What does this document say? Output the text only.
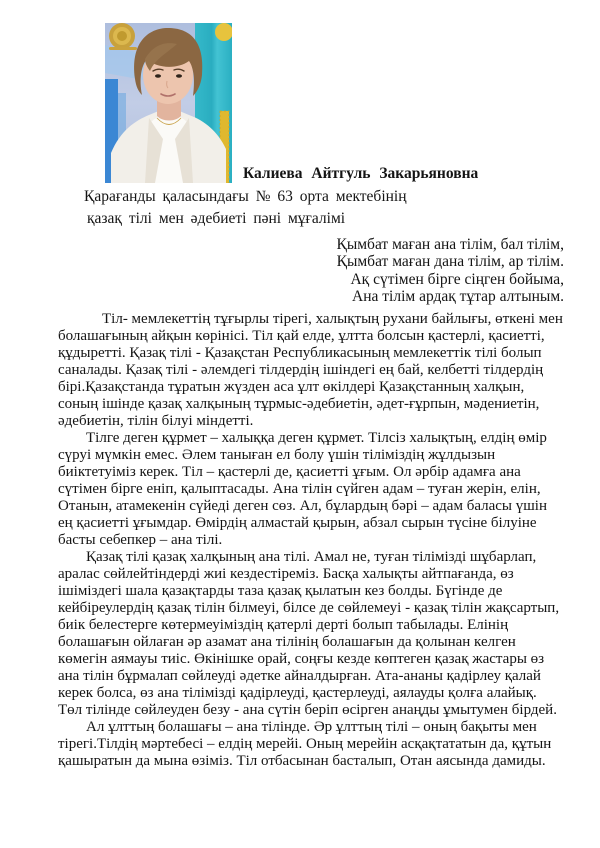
Калиева Айтгуль Закарьяновна
Қарағанды қаласындағы № 63 орта мектебінің
қазақ тілі мен әдебиеті пәні мұғалімі
Қымбат маған ана тілім, бал тілім,
Қымбат маған дана тілім, ар тілім.
Ақ сүтімен бірге сіңген бойыма,
Ана тілім ардақ тұтар алтыным.

Тіл- мемлекеттің тұғырлы тірегі, халықтың рухани байлығы, өткені мен болашағының айқын көрінісі. Тіл қай елде, ұлтта болсын қастерлі, қасиетті, құдыретті. Қазақ тілі - Қазақстан Республикасының мемлекеттік тілі болып саналады. Қазақ тілі - әлемдегі тілдердің ішіндегі ең бай, келбетті тілдердің бірі.Қазақстанда тұратын жүзден аса ұлт өкілдері Қазақстанның халқын, соның ішінде қазақ халқының тұрмыс-әдебиетін, әдет-ғұрпын, мәдениетін, әдебиетін, тілін білуі міндетті.

Тілге деген құрмет – халыққа деген құрмет. Тілсіз халықтың, елдің өмір сүруі мүмкін емес. Әлем таныған ел болу үшін тіліміздің жұлдызын биіктетуіміз керек. Тіл – қастерлі де, қасиетті ұғым. Ол әрбір адамға ана сүтімен бірге еніп, қалыптасады. Ана тілін сүйген адам – туған жерін, елін, Отанын, атамекенін сүйеді деген сөз. Ал, бұлардың бәрі – адам баласы үшін ең қасиетті ұғымдар. Өмірдің алмастай қырын, абзал сырын түсіне білуіне басты себепкер – ана тілі.

Қазақ тілі қазақ халқының ана тілі. Амал не, туған тілімізді шұбарлап, аралас сөйлейтіндерді жиі кездестіреміз. Басқа халықты айтпағанда, өз ішіміздегі шала қазақтарды таза қазақ қылатын кез болды. Бүгінде де кейбіреулердің қазақ тілін білмеуі, білсе де сөйлемеуі - қазақ тілін жақсартып, биік белестерге көтермеуіміздің қатерлі дерті болып табылады. Елінің болашағын ойлаған әр азамат ана тілінің болашағын да қолынан келген көмегін аямауы тиіс. Өкінішке орай, соңғы кезде көптеген қазақ жастары өз ана тілін бұрмалап сөйлеуді әдетке айналдырған. Ата-ананы қадірлеу қалай керек болса, өз ана тілімізді қадірлеуді, қастерлеуді, аялауды қолға алайық. Төл тілінде сөйлеуден безу - ана сүтін беріп өсірген анаңды ұмытумен бірдей.

Ал ұлттың болашағы – ана тілінде. Әр ұлттың тілі – оның бақыты мен тірегі.Тілдің мәртебесі – елдің мерейі. Оның мерейін асқақтататын да, құтын қашыратын да мына өзіміз. Тіл отбасынан басталып, Отан аясында дамиды.
